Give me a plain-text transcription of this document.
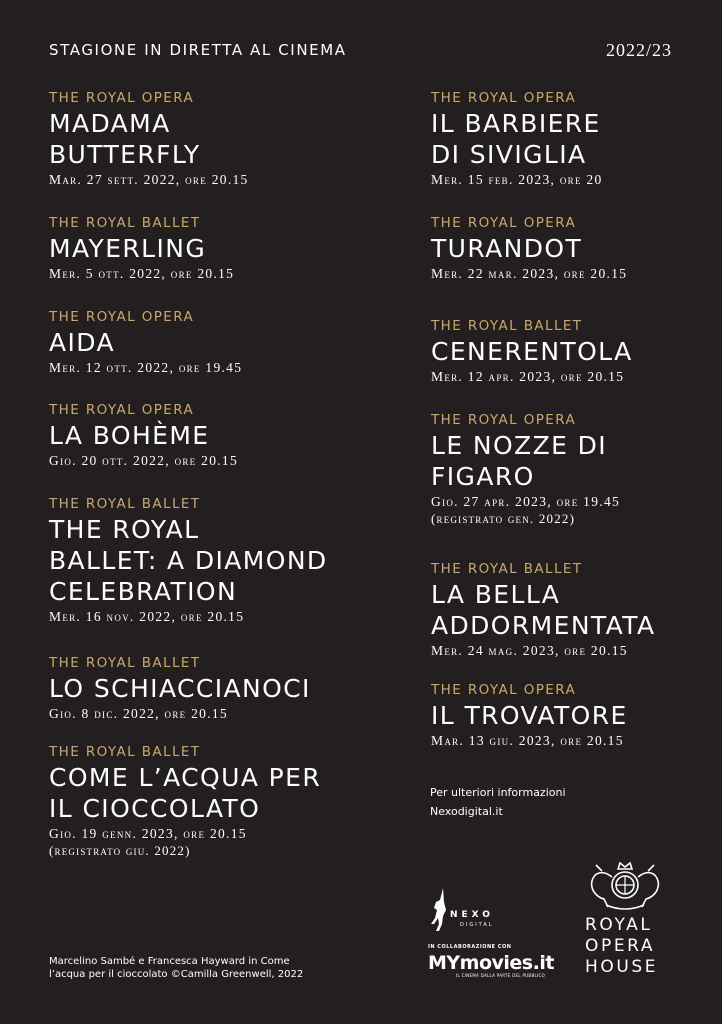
STAGIONE IN DIRETTA AL CINEMA	2022/23
THE ROYAL OPERA
MADAMA
BUTTERFLY
Mar. 27 sett. 2022, ore 20.15
THE ROYAL BALLET
MAYERLING
Mer. 5 ott. 2022, ore 20.15
THE ROYAL OPERA
AIDA
Mer. 12 ott. 2022, ore 19.45
THE ROYAL OPERA
LA BOHÈME
Gio. 20 ott. 2022, ore 20.15
THE ROYAL BALLET
THE ROYAL
BALLET: A DIAMOND
CELEBRATION
Mer. 16 nov. 2022, ore 20.15
THE ROYAL BALLET
LO SCHIACCIANOCI
Gio. 8 dic. 2022, ore 20.15
THE ROYAL BALLET
COME L’ACQUA PER
IL CIOCCOLATO
Gio. 19 genn. 2023, ore 20.15
(registrato giu. 2022)
THE ROYAL OPERA
IL BARBIERE
DI SIVIGLIA
Mer. 15 feb. 2023, ore 20
THE ROYAL OPERA
TURANDOT
Mer. 22 mar. 2023, ore 20.15
THE ROYAL BALLET
CENERENTOLA
Mer. 12 apr. 2023, ore 20.15
THE ROYAL OPERA
LE NOZZE DI
FIGARO
Gio. 27 apr. 2023, ore 19.45
(registrato gen. 2022)
THE ROYAL BALLET
LA BELLA
ADDORMENTATA
Mer. 24 mag. 2023, ore 20.15
THE ROYAL OPERA
IL TROVATORE
Mar. 13 giu. 2023, ore 20.15
Per ulteriori informazioni
Nexodigital.it
Marcelino Sambé e Francesca Hayward in Come l’acqua per il cioccolato ©Camilla Greenwell, 2022
NEXO
DIGITAL
IN COLLABORAZIONE CON
MYmovies.it
IL CINEMA DALLA PARTE DEL PUBBLICO
ROYAL
OPERA
HOUSE
